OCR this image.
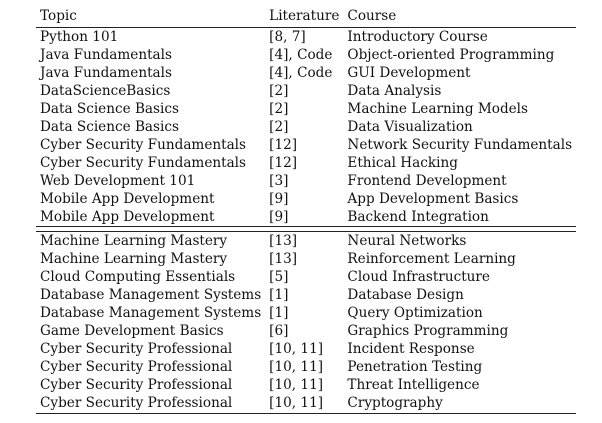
Topic	Literature	Course
Python 101	[8, 7]	Introductory Course
Java Fundamentals	[4], Code	Object-oriented Programming
Java Fundamentals	[4], Code	GUI Development
DataScienceBasics	[2]	Data Analysis
Data Science Basics	[2]	Machine Learning Models
Data Science Basics	[2]	Data Visualization
Cyber Security Fundamentals	[12]	Network Security Fundamentals
Cyber Security Fundamentals	[12]	Ethical Hacking
Web Development 101	[3]	Frontend Development
Mobile App Development	[9]	App Development Basics
Mobile App Development	[9]	Backend Integration

Machine Learning Mastery	[13]	Neural Networks
Machine Learning Mastery	[13]	Reinforcement Learning
Cloud Computing Essentials	[5]	Cloud Infrastructure
Database Management Systems	[1]	Database Design
Database Management Systems	[1]	Query Optimization
Game Development Basics	[6]	Graphics Programming
Cyber Security Professional	[10, 11]	Incident Response
Cyber Security Professional	[10, 11]	Penetration Testing
Cyber Security Professional	[10, 11]	Threat Intelligence
Cyber Security Professional	[10, 11]	Cryptography
